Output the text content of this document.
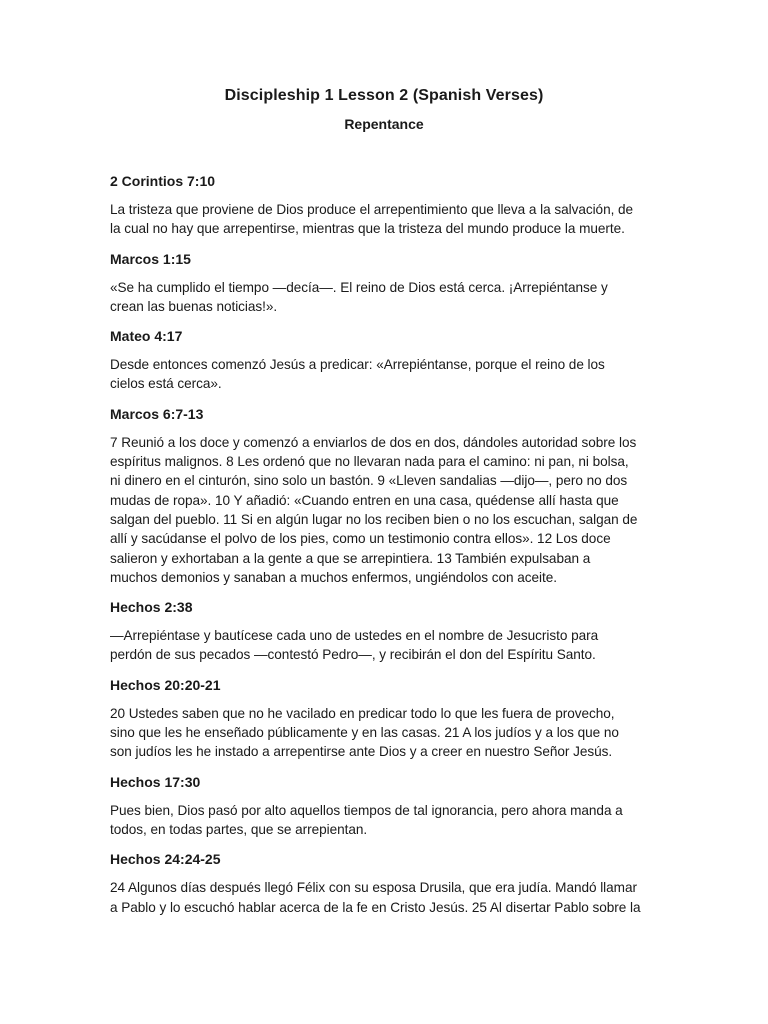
Discipleship 1 Lesson 2 (Spanish Verses)
Repentance

2 Corintios 7:10

La tristeza que proviene de Dios produce el arrepentimiento que lleva a la salvación, de
la cual no hay que arrepentirse, mientras que la tristeza del mundo produce la muerte.

Marcos 1:15

«Se ha cumplido el tiempo —decía—. El reino de Dios está cerca. ¡Arrepiéntanse y
crean las buenas noticias!».

Mateo 4:17

Desde entonces comenzó Jesús a predicar: «Arrepiéntanse, porque el reino de los
cielos está cerca».

Marcos 6:7-13

7 Reunió a los doce y comenzó a enviarlos de dos en dos, dándoles autoridad sobre los
espíritus malignos. 8 Les ordenó que no llevaran nada para el camino: ni pan, ni bolsa,
ni dinero en el cinturón, sino solo un bastón. 9 «Lleven sandalias —dijo—, pero no dos
mudas de ropa». 10 Y añadió: «Cuando entren en una casa, quédense allí hasta que
salgan del pueblo. 11 Si en algún lugar no los reciben bien o no los escuchan, salgan de
allí y sacúdanse el polvo de los pies, como un testimonio contra ellos». 12 Los doce
salieron y exhortaban a la gente a que se arrepintiera. 13 También expulsaban a
muchos demonios y sanaban a muchos enfermos, ungiéndolos con aceite.

Hechos 2:38

—Arrepiéntase y bautícese cada uno de ustedes en el nombre de Jesucristo para
perdón de sus pecados —contestó Pedro—, y recibirán el don del Espíritu Santo.

Hechos 20:20-21

20 Ustedes saben que no he vacilado en predicar todo lo que les fuera de provecho,
sino que les he enseñado públicamente y en las casas. 21 A los judíos y a los que no
son judíos les he instado a arrepentirse ante Dios y a creer en nuestro Señor Jesús.

Hechos 17:30

Pues bien, Dios pasó por alto aquellos tiempos de tal ignorancia, pero ahora manda a
todos, en todas partes, que se arrepientan.

Hechos 24:24-25

24 Algunos días después llegó Félix con su esposa Drusila, que era judía. Mandó llamar
a Pablo y lo escuchó hablar acerca de la fe en Cristo Jesús. 25 Al disertar Pablo sobre la
